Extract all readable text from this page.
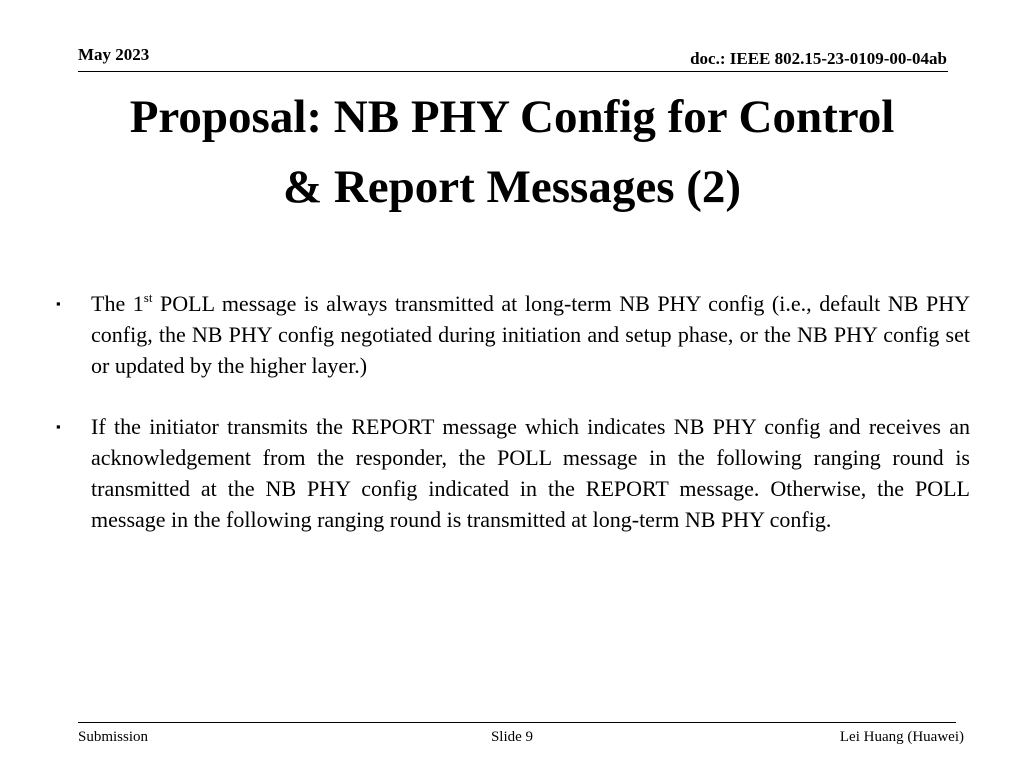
May 2023	doc.: IEEE 802.15-23-0109-00-04ab
Proposal: NB PHY Config for Control
& Report Messages (2)
▪
The 1st POLL message is always transmitted at long-term NB PHY config (i.e., default NB PHY config, the NB PHY config negotiated during initiation and setup phase, or the NB PHY config set or updated by the higher layer.)
▪
If the initiator transmits the REPORT message which indicates NB PHY config and receives an acknowledgement from the responder, the POLL message in the following ranging round is transmitted at the NB PHY config indicated in the REPORT message. Otherwise, the POLL message in the following ranging round is transmitted at long-term NB PHY config.
Submission	Slide 9	Lei Huang (Huawei)
